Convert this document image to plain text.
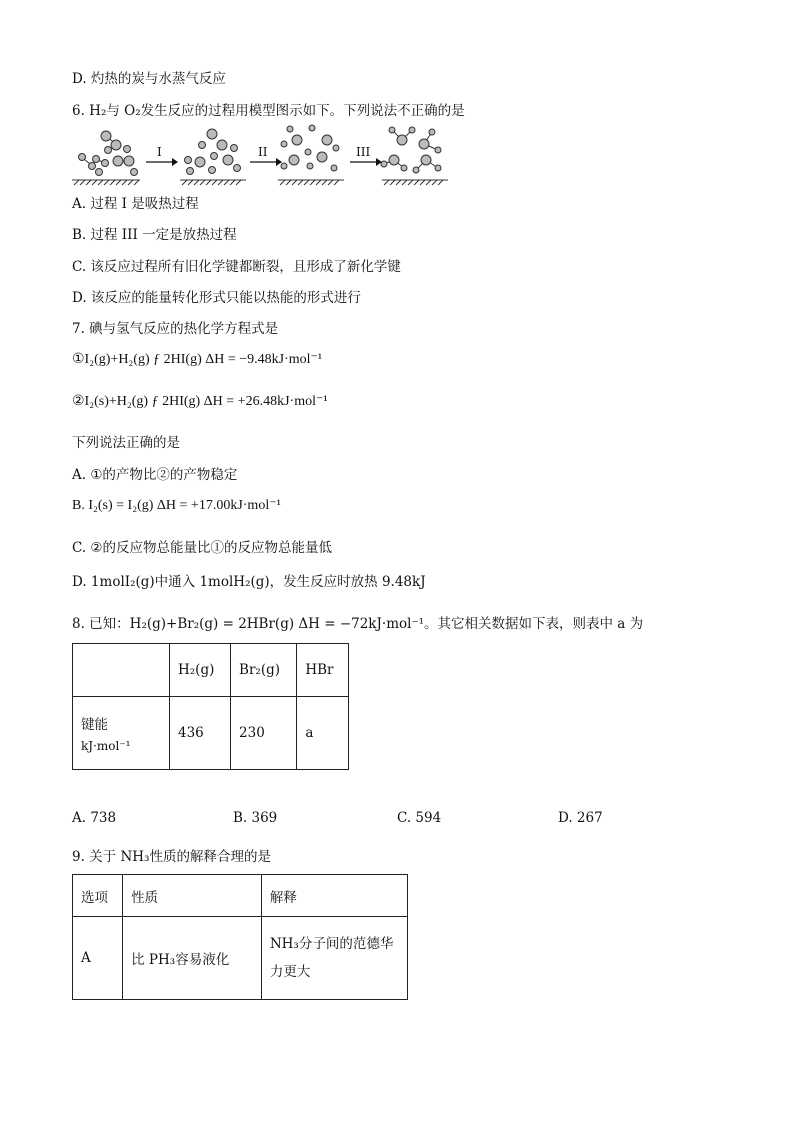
D. 灼热的炭与水蒸气反应
6. H₂与 O₂发生反应的过程用模型图示如下。下列说法不正确的是
I	II	III
A. 过程 I 是吸热过程
B. 过程 III 一定是放热过程
C. 该反应过程所有旧化学键都断裂，且形成了新化学键
D. 该反应的能量转化形式只能以热能的形式进行
7. 碘与氢气反应的热化学方程式是
①I₂(g)+H₂(g) ƒ 2HI(g) ΔH = −9.48kJ·mol⁻¹
②I₂(s)+H₂(g) ƒ 2HI(g) ΔH = +26.48kJ·mol⁻¹
下列说法正确的是
A. ①的产物比②的产物稳定
B. I₂(s) = I₂(g) ΔH = +17.00kJ·mol⁻¹
C. ②的反应物总能量比①的反应物总能量低
D. 1molI₂(g)中通入 1molH₂(g)，发生反应时放热 9.48kJ
8. 已知：H₂(g)+Br₂(g) = 2HBr(g) ΔH = −72kJ·mol⁻¹。其它相关数据如下表，则表中 a 为
	H₂(g)	Br₂(g)	HBr

键能
kJ·mol⁻¹	436	230	a
A. 738	B. 369	C. 594	D. 267
9. 关于 NH₃性质的解释合理的是
选项	性质	解释
A	比 PH₃容易液化	NH₃分子间的范德华力更大
